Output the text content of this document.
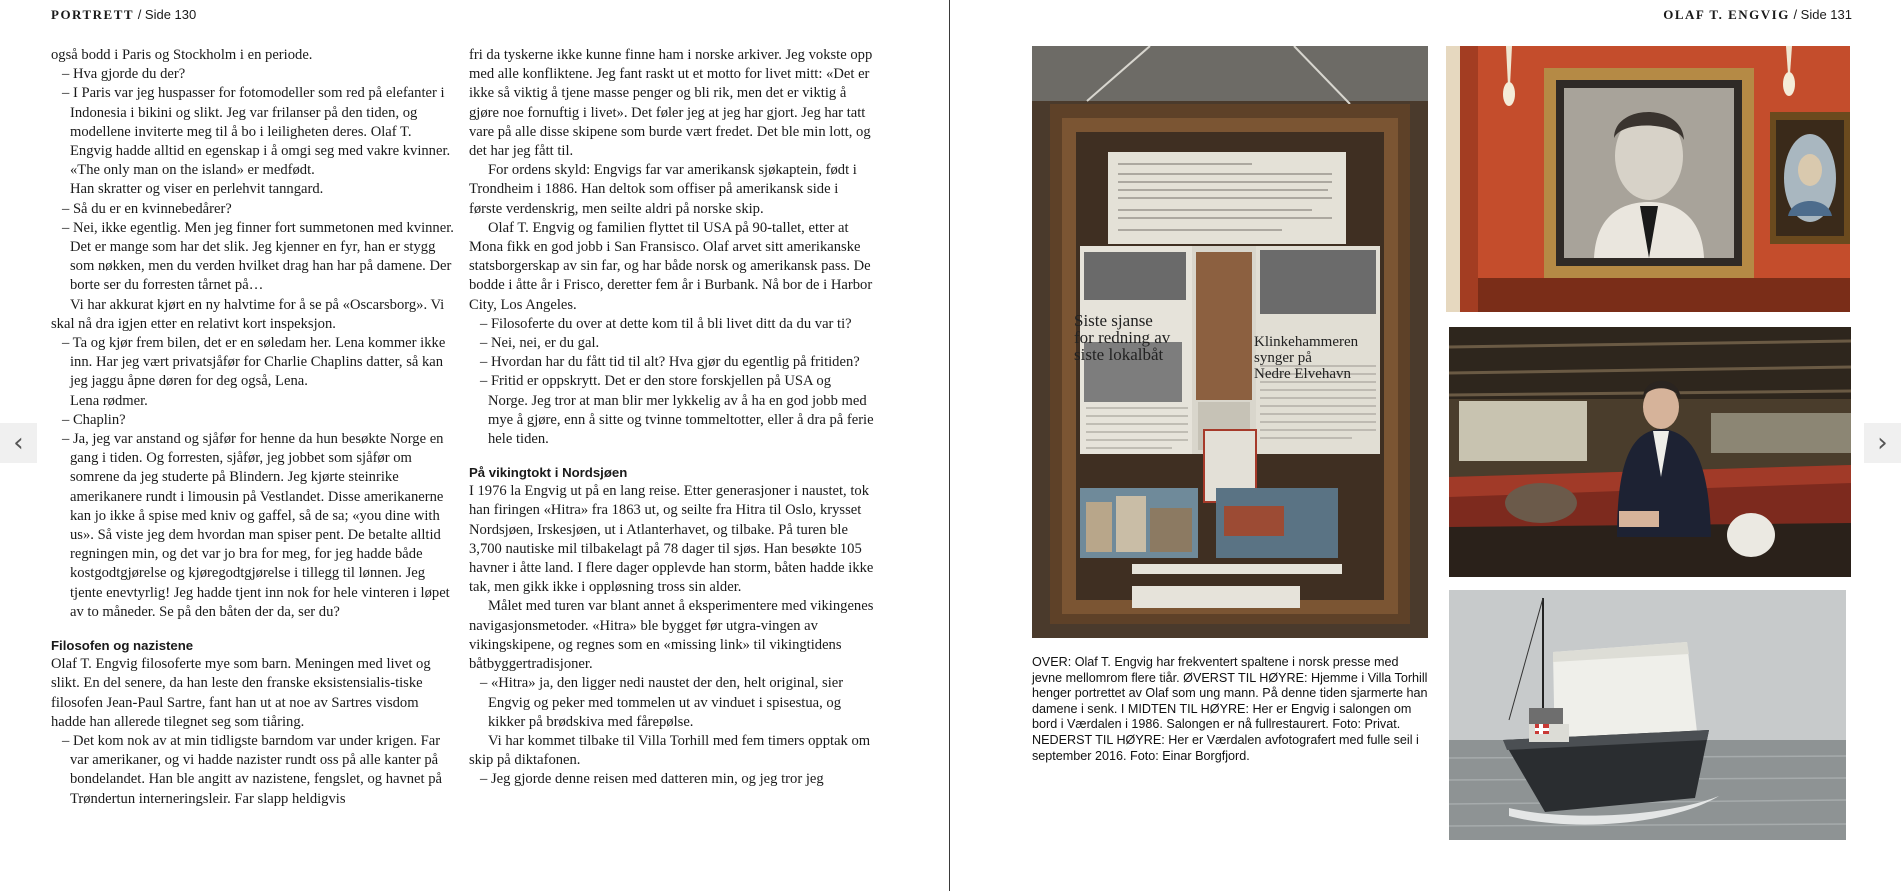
PORTRETT / Side 130

også bodd i Paris og Stockholm i en periode.

– Hva gjorde du der?

– I Paris var jeg huspasser for fotomodeller som red på elefanter i Indonesia i bikini og slikt. Jeg var frilanser på den tiden, og modellene inviterte meg til å bo i leiligheten deres. Olaf T. Engvig hadde alltid en egenskap i å omgi seg med vakre kvinner. «The only man on the island» er medfødt.

Han skratter og viser en perlehvit tanngard.

– Så du er en kvinnebedårer?

– Nei, ikke egentlig. Men jeg finner fort summetonen med kvinner. Det er mange som har det slik. Jeg kjenner en fyr, han er stygg som nøkken, men du verden hvilket drag han har på damene. Der borte ser du forresten tårnet på…

Vi har akkurat kjørt en ny halvtime for å se på «Oscarsborg». Vi skal nå dra igjen etter en relativt kort inspeksjon.

– Ta og kjør frem bilen, det er en søledam her. Lena kommer ikke inn. Har jeg vært privatsjåfør for Charlie Chaplins datter, så kan jeg jaggu åpne døren for deg også, Lena.

Lena rødmer.

– Chaplin?

– Ja, jeg var anstand og sjåfør for henne da hun besøkte Norge en gang i tiden. Og forresten, sjåfør, jeg jobbet som sjåfør om somrene da jeg studerte på Blindern. Jeg kjørte steinrike amerikanere rundt i limousin på Vestlandet. Disse amerikanerne kan jo ikke å spise med kniv og gaffel, så de sa; «you dine with us». Så viste jeg dem hvordan man spiser pent. De betalte alltid regningen min, og det var jo bra for meg, for jeg hadde både kostgodtgjørelse og kjøregodtgjørelse i tillegg til lønnen. Jeg tjente enevtyrlig! Jeg hadde tjent inn nok for hele vinteren i løpet av to måneder. Se på den båten der da, ser du?

Filosofen og nazistene

Olaf T. Engvig filosoferte mye som barn. Meningen med livet og slikt. En del senere, da han leste den franske eksistensialis-tiske filosofen Jean-Paul Sartre, fant han ut at noe av Sartres visdom hadde han allerede tilegnet seg som tiåring.

– Det kom nok av at min tidligste barndom var under krigen. Far var amerikaner, og vi hadde nazister rundt oss på alle kanter på bondelandet. Han ble angitt av nazistene, fengslet, og havnet på Trøndertun interneringsleir. Far slapp heldigvis

fri da tyskerne ikke kunne finne ham i norske arkiver. Jeg vokste opp med alle konfliktene. Jeg fant raskt ut et motto for livet mitt: «Det er ikke så viktig å tjene masse penger og bli rik, men det er viktig å gjøre noe fornuftig i livet». Det føler jeg at jeg har gjort. Jeg har tatt vare på alle disse skipene som burde vært fredet. Det ble min lott, og det har jeg fått til.

For ordens skyld: Engvigs far var amerikansk sjøkaptein, født i Trondheim i 1886. Han deltok som offiser på amerikansk side i første verdenskrig, men seilte aldri på norske skip.

Olaf T. Engvig og familien flyttet til USA på 90-tallet, etter at Mona fikk en god jobb i San Fransisco. Olaf arvet sitt amerikanske statsborgerskap av sin far, og har både norsk og amerikansk pass. De bodde i åtte år i Frisco, deretter fem år i Burbank. Nå bor de i Harbor City, Los Angeles.

– Filosoferte du over at dette kom til å bli livet ditt da du var ti?

– Nei, nei, er du gal.

– Hvordan har du fått tid til alt? Hva gjør du egentlig på fritiden?

– Fritid er oppskrytt. Det er den store forskjellen på USA og Norge. Jeg tror at man blir mer lykkelig av å ha en god jobb med mye å gjøre, enn å sitte og tvinne tommeltotter, eller å dra på ferie hele tiden.

På vikingtokt i Nordsjøen

I 1976 la Engvig ut på en lang reise. Etter generasjoner i naustet, tok han firingen «Hitra» fra 1863 ut, og seilte fra Hitra til Oslo, krysset Nordsjøen, Irskesjøen, ut i Atlanterhavet, og tilbake. På turen ble 3,700 nautiske mil tilbakelagt på 78 dager til sjøs. Han besøkte 105 havner i åtte land. I flere dager opplevde han storm, båten hadde ikke tak, men gikk ikke i oppløsning tross sin alder.

Målet med turen var blant annet å eksperimentere med vikingenes navigasjonsmetoder. «Hitra» ble bygget før utgra-vingen av vikingskipene, og regnes som en «missing link» til vikingtidens båtbyggertradisjoner.

– «Hitra» ja, den ligger nedi naustet der den, helt original, sier Engvig og peker med tommelen ut av vinduet i spisestua, og kikker på brødskiva med fårepølse.

Vi har kommet tilbake til Villa Torhill med fem timers opptak om skip på diktafonen.

– Jeg gjorde denne reisen med datteren min, og jeg tror jeg

OLAF T. ENGVIG / Side 131
Siste sjanse
for redning av
siste lokalbåt
Klinkehammeren
synger på
Nedre Elvehavn
OVER: Olaf T. Engvig har frekventert spaltene i norsk presse med jevne mellomrom flere tiår. ØVERST TIL HØYRE: Hjemme i Villa Torhill henger portrettet av Olaf som ung mann. På denne tiden sjarmerte han damene i senk. I MIDTEN TIL HØYRE: Her er Engvig i salongen om bord i Værdalen i 1986. Salongen er nå fullrestaurert. Foto: Privat. NEDERST TIL HØYRE: Her er Værdalen avfotografert med fulle seil i september 2016. Foto: Einar Borgfjord.
‹	›
